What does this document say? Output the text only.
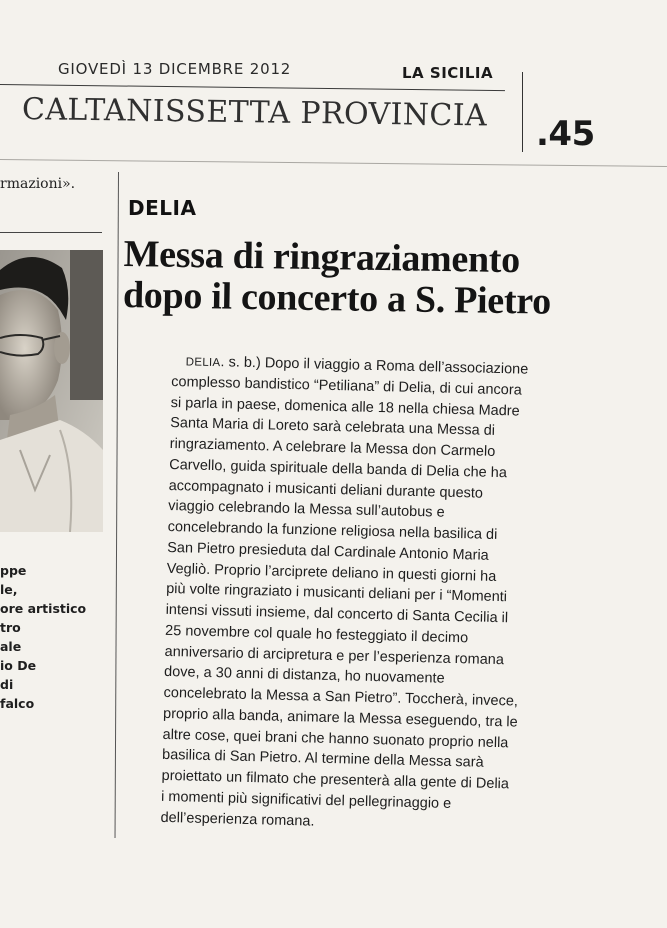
GIOVEDÌ 13 DICEMBRE 2012	LA SICILIA
CALTANISSETTA PROVINCIA
.45
rmazioni».
ppe
le,
ore artistico
tro
ale
io De
di
falco
DELIA
Messa di ringraziamento
dopo il concerto a S. Pietro
DELIA. s. b.) Dopo il viaggio a Roma dell’associazione
complesso bandistico “Petiliana” di Delia, di cui ancora
si parla in paese, domenica alle 18 nella chiesa Madre
Santa Maria di Loreto sarà celebrata una Messa di
ringraziamento. A celebrare la Messa don Carmelo
Carvello, guida spirituale della banda di Delia che ha
accompagnato i musicanti deliani durante questo
viaggio celebrando la Messa sull’autobus e
concelebrando la funzione religiosa nella basilica di
San Pietro presieduta dal Cardinale Antonio Maria
Vegliò. Proprio l’arciprete deliano in questi giorni ha
più volte ringraziato i musicanti deliani per i “Momenti
intensi vissuti insieme, dal concerto di Santa Cecilia il
25 novembre col quale ho festeggiato il decimo
anniversario di arcipretura e per l’esperienza romana
dove, a 30 anni di distanza, ho nuovamente
concelebrato la Messa a San Pietro”. Toccherà, invece,
proprio alla banda, animare la Messa eseguendo, tra le
altre cose, quei brani che hanno suonato proprio nella
basilica di San Pietro. Al termine della Messa sarà
proiettato un filmato che presenterà alla gente di Delia
i momenti più significativi del pellegrinaggio e
dell’esperienza romana.
